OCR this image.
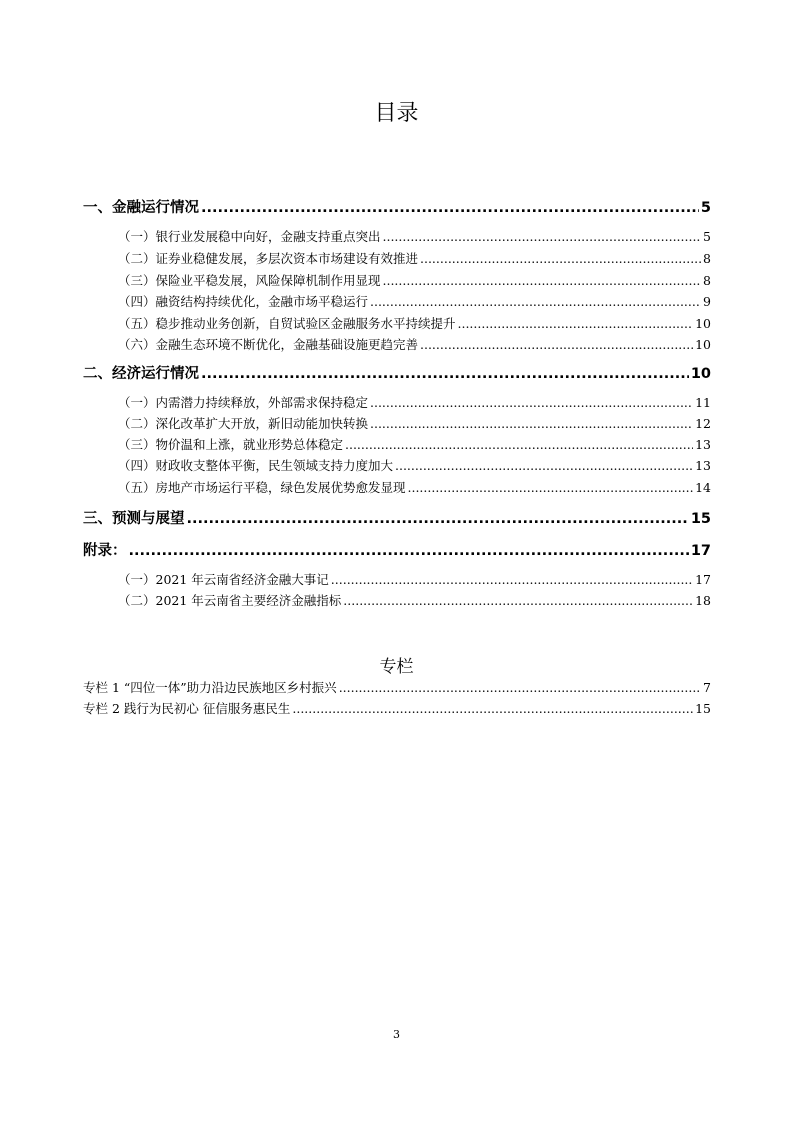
目录
一、金融运行情况 .....	5
（一）银行业发展稳中向好，金融支持重点突出 .....	5
（二）证券业稳健发展，多层次资本市场建设有效推进 .....	8
（三）保险业平稳发展，风险保障机制作用显现 .....	8
（四）融资结构持续优化，金融市场平稳运行 .....	9
（五）稳步推动业务创新，自贸试验区金融服务水平持续提升 .....	10
（六）金融生态环境不断优化，金融基础设施更趋完善 .....	10
二、经济运行情况 .....	10
（一）内需潜力持续释放，外部需求保持稳定 .....	11
（二）深化改革扩大开放，新旧动能加快转换 .....	12
（三）物价温和上涨，就业形势总体稳定 .....	13
（四）财政收支整体平衡，民生领域支持力度加大 .....	13
（五）房地产市场运行平稳，绿色发展优势愈发显现 .....	14
三、预测与展望 .....	15
附录： .....	17
（一）2021 年云南省经济金融大事记 .....	17
（二）2021 年云南省主要经济金融指标 .....	18
专栏
专栏 1 “四位一体”助力沿边民族地区乡村振兴 .....	7
专栏 2 践行为民初心 征信服务惠民生 .....	15
3
